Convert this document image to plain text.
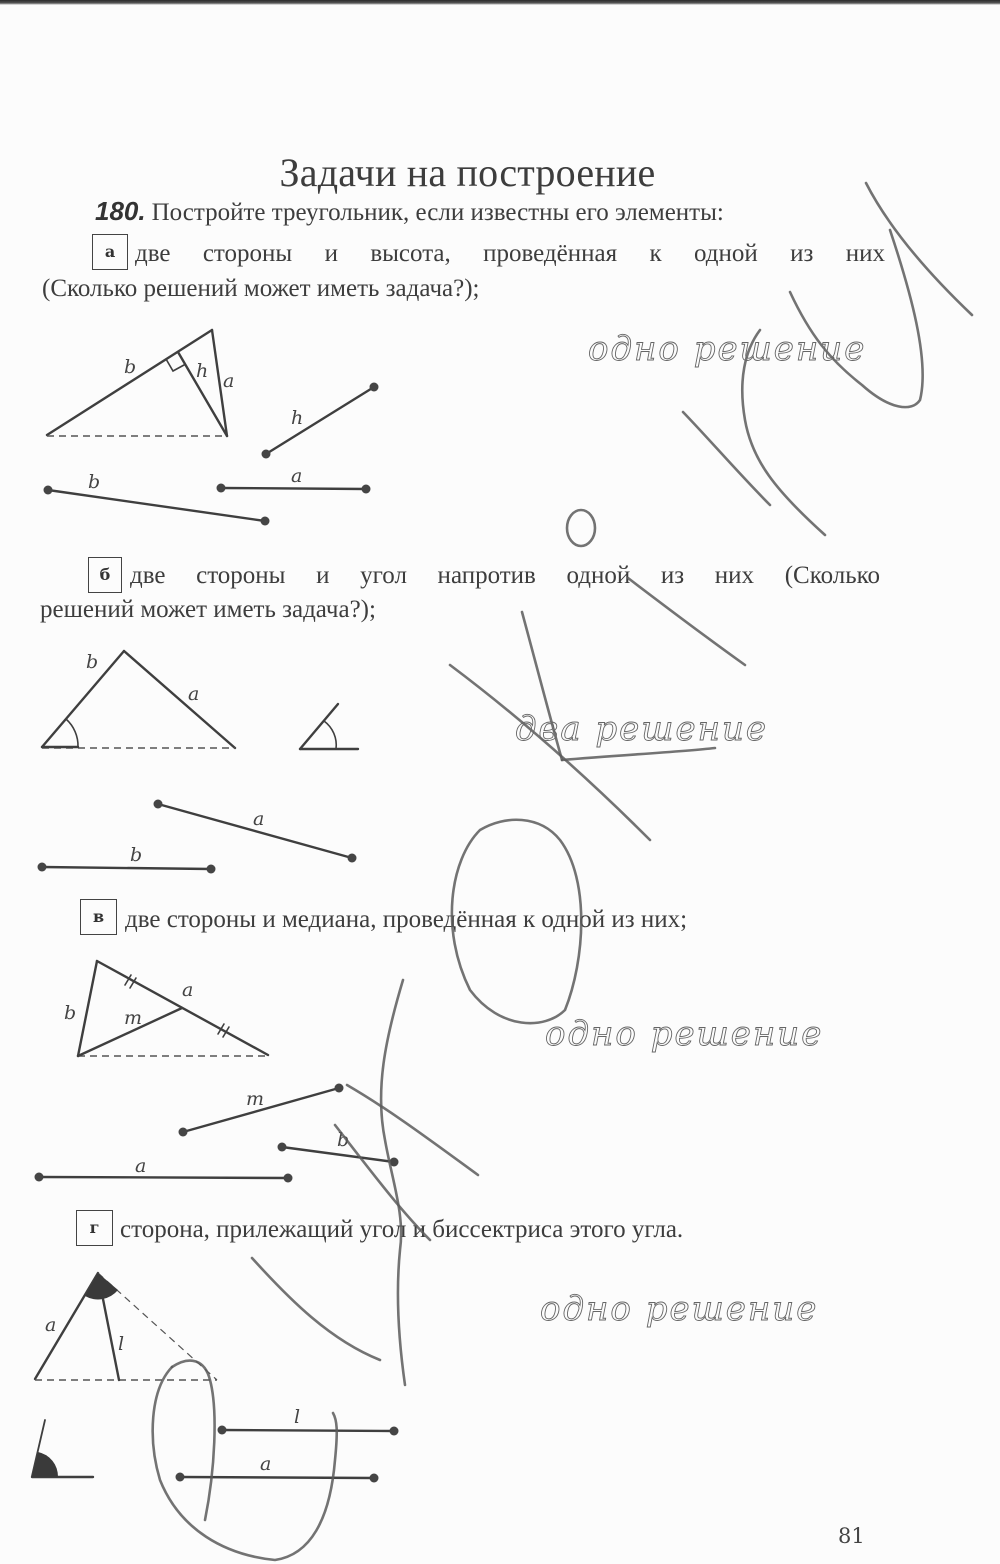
Задачи на построение
180. Постройте треугольник, если известны его элементы:
а две стороны и высота, проведённая к одной из них
(Сколько решений может иметь задача?);
б две стороны и угол напротив одной из них (Сколько
решений может иметь задача?);
в две стороны и медиана, проведённая к одной из них;
г сторона, прилежащий угол и биссектриса этого угла.
b	h a
h
b	a
b
a
a
b
b
a
m
m
b
a
a
l
l
a
одно решение
два решение
одно решение
одно решение
81
